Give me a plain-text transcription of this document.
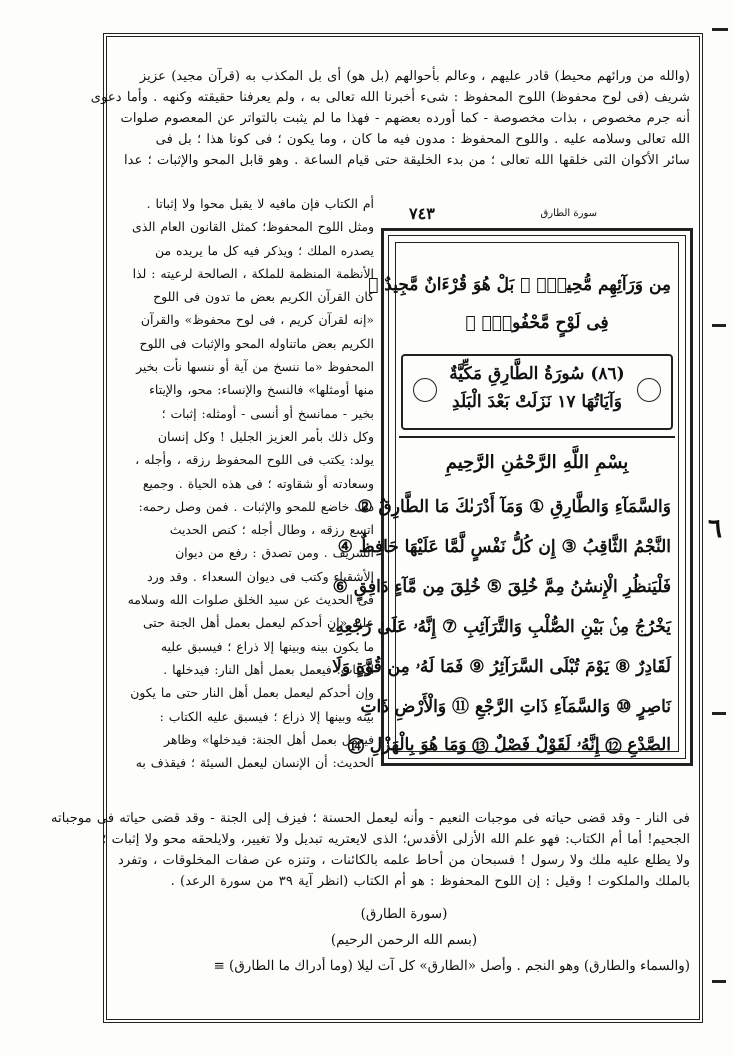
٦
(والله من ورائهم محيط) قادر عليهم ، وعالم بأحوالهم (بل هو) أى بل المكذب به (قرآن مجيد) عزيز
شريف (فى لوح محفوظ) اللوح المحفوظ : شىء أخبرنا الله تعالى به ، ولم يعرفنا حقيقته وكنهه . وأما دعوى
أنه جرم مخصوص ، بذات مخصوصة - كما أورده بعضهم - فهذا ما لم يثبت بالتواتر عن المعصوم صلوات
الله تعالى وسلامه عليه . واللوح المحفوظ : مدون فيه ما كان ، وما يكون ؛ فى كونا هذا ؛ بل فى
سائر الأكوان التى خلقها الله تعالى ؛ من بدء الخليقة حتى قيام الساعة . وهو قابل المحو والإثبات ؛ عدا
أم الكتاب فإن مافيه لا يقبل محوا ولا إثباتا .
ومثل اللوح المحفوظ؛ كمثل القانون العام الذى
يصدره الملك ؛ ويذكر فيه كل ما يريده من
الأنظمة المنظمة للملكة ، الصالحة لرعيته : لذا
كان القرآن الكريم بعض ما تدون فى اللوح
«إنه لقرآن كريم ، فى لوح محفوظ» والقرآن
الكريم بعض ماتناوله المحو والإثبات فى اللوح
المحفوظ «ما ننسخ من آية أو ننسها نأت بخير
منها أومثلها» فالنسخ والإنساء: محو، والإيتاء
بخير - ممانسخ أو أنسى - أومثله: إثبات ؛
وكل ذلك بأمر العزيز الجليل ! وكل إنسان
يولد: يكتب فى اللوح المحفوظ رزقه ، وأجله ،
وسعادته أو شقاوته ؛ فى هذه الحياة . وجميع
ذلك خاضع للمحو والإثبات . فمن وصل رحمه:
اتسع رزقه ، وطال أجله ؛ كنص الحديث
الشريف . ومن تصدق : رفع من ديوان
الأشقياء وكتب فى ديوان السعداء . وقد ورد
فى الحديث عن سيد الخلق صلوات الله وسلامه
عليه «إن أحدكم ليعمل بعمل أهل الجنة حتى
ما يكون بينه وبينها إلا ذراع ؛ فيسبق عليه
الكتاب: فيعمل بعمل أهل النار: فيدخلها .
وإن أحدكم ليعمل بعمل أهل النار حتى ما يكون
بينه وبينها إلا ذراع ؛ فيسبق عليه الكتاب :
فيعمل بعمل أهل الجنة: فيدخلها» وظاهر
الحديث: أن الإنسان ليعمل السيئة ؛ فيقذف به
٧٤٣	سورة الطارق
مِن وَرَآئِهِم مُّحِيطُۢ ⑳ بَلْ هُوَ قُرْءَانٌ مَّجِيدٌ ㉑
فِى لَوْحٍ مَّحْفُوظٍۭ ㉒
(٨٦) سُورَةُ الطَّارِقِ مَكِّيَّةٌ
وَآيَاتُهَا ١٧ نَزَلَتْ بَعْدَ الْبَلَدِ
بِسْمِ اللَّهِ الرَّحْمَٰنِ الرَّحِيمِ
وَالسَّمَآءِ وَالطَّارِقِ ① وَمَآ أَدْرَىٰكَ مَا الطَّارِقُ ②
النَّجْمُ الثَّاقِبُ ③ إِن كُلُّ نَفْسٍ لَّمَّا عَلَيْهَا حَافِظٌ ④
فَلْيَنظُرِ الْإِنسَٰنُ مِمَّ خُلِقَ ⑤ خُلِقَ مِن مَّآءٍ دَافِقٍ ⑥
يَخْرُجُ مِنۢ بَيْنِ الصُّلْبِ وَالتَّرَآئِبِ ⑦ إِنَّهُۥ عَلَىٰ رَجْعِهِۦ
لَقَادِرٌ ⑧ يَوْمَ تُبْلَى السَّرَآئِرُ ⑨ فَمَا لَهُۥ مِن قُوَّةٍ وَلَا
نَاصِرٍ ⑩ وَالسَّمَآءِ ذَاتِ الرَّجْعِ ⑪ وَالْأَرْضِ ذَاتِ
الصَّدْعِ ⑫ إِنَّهُۥ لَقَوْلٌ فَصْلٌ ⑬ وَمَا هُوَ بِالْهَزْلِ ⑭
فى النار - وقد قضى حياته فى موجبات النعيم - وأنه ليعمل الحسنة ؛ فيزف إلى الجنة - وقد قضى حياته فى موجباته
الجحيم! أما أم الكتاب: فهو علم الله الأزلى الأقدس؛ الذى لايعتريه تبديل ولا تغيير، ولايلحقه محو ولا إثبات ؛
ولا يطلع عليه ملك ولا رسول ! فسبحان من أحاط علمه بالكائنات ، وتنزه عن صفات المخلوقات ، وتفرد
بالملك والملكوت ! وقيل : إن اللوح المحفوظ : هو أم الكتاب (انظر آية ٣٩ من سورة الرعد) .
(سورة الطارق)
(بسم الله الرحمن الرحيم)
(والسماء والطارق) وهو النجم . وأصل «الطارق» كل آت ليلا (وما أدراك ما الطارق) ≡
